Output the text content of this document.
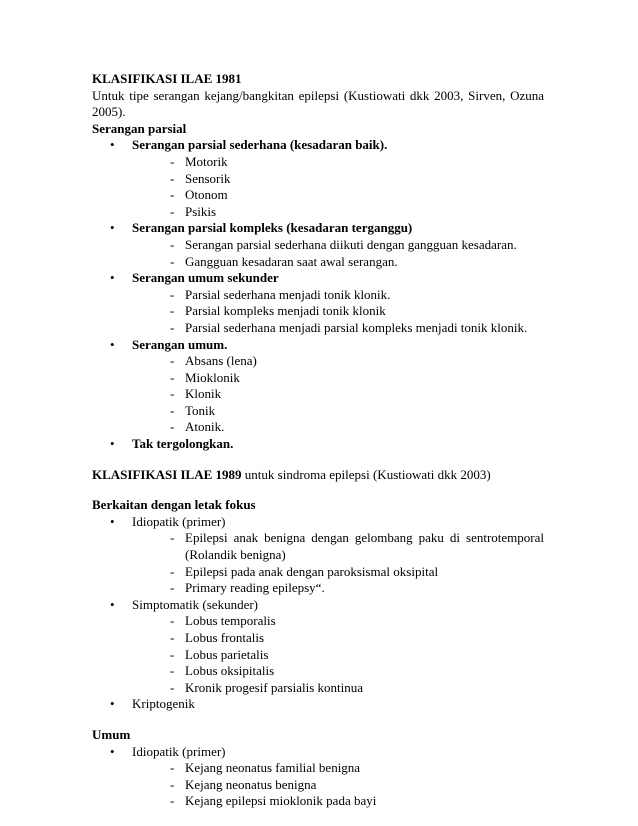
KLASIFIKASI ILAE 1981
Untuk tipe serangan kejang/bangkitan epilepsi (Kustiowati dkk 2003, Sirven, Ozuna 2005).
Serangan parsial
• Serangan parsial sederhana (kesadaran baik).
- Motorik
- Sensorik
- Otonom
- Psikis
• Serangan parsial kompleks (kesadaran terganggu)
- Serangan parsial sederhana diikuti dengan gangguan kesadaran.
- Gangguan kesadaran saat awal serangan.
• Serangan umum sekunder
- Parsial sederhana menjadi tonik klonik.
- Parsial kompleks menjadi tonik klonik
- Parsial sederhana menjadi parsial kompleks menjadi tonik klonik.
• Serangan umum.
- Absans (lena)
- Mioklonik
- Klonik
- Tonik
- Atonik.
• Tak tergolongkan.
KLASIFIKASI ILAE 1989 untuk sindroma epilepsi (Kustiowati dkk 2003)
Berkaitan dengan letak fokus
• Idiopatik (primer)
- Epilepsi anak benigna dengan gelombang paku di sentrotemporal (Rolandik benigna)
- Epilepsi pada anak dengan paroksismal oksipital
- Primary reading epilepsy“.
• Simptomatik (sekunder)
- Lobus temporalis
- Lobus frontalis
- Lobus parietalis
- Lobus oksipitalis
- Kronik progesif parsialis kontinua
• Kriptogenik
Umum
• Idiopatik (primer)
- Kejang neonatus familial benigna
- Kejang neonatus benigna
- Kejang epilepsi mioklonik pada bayi
